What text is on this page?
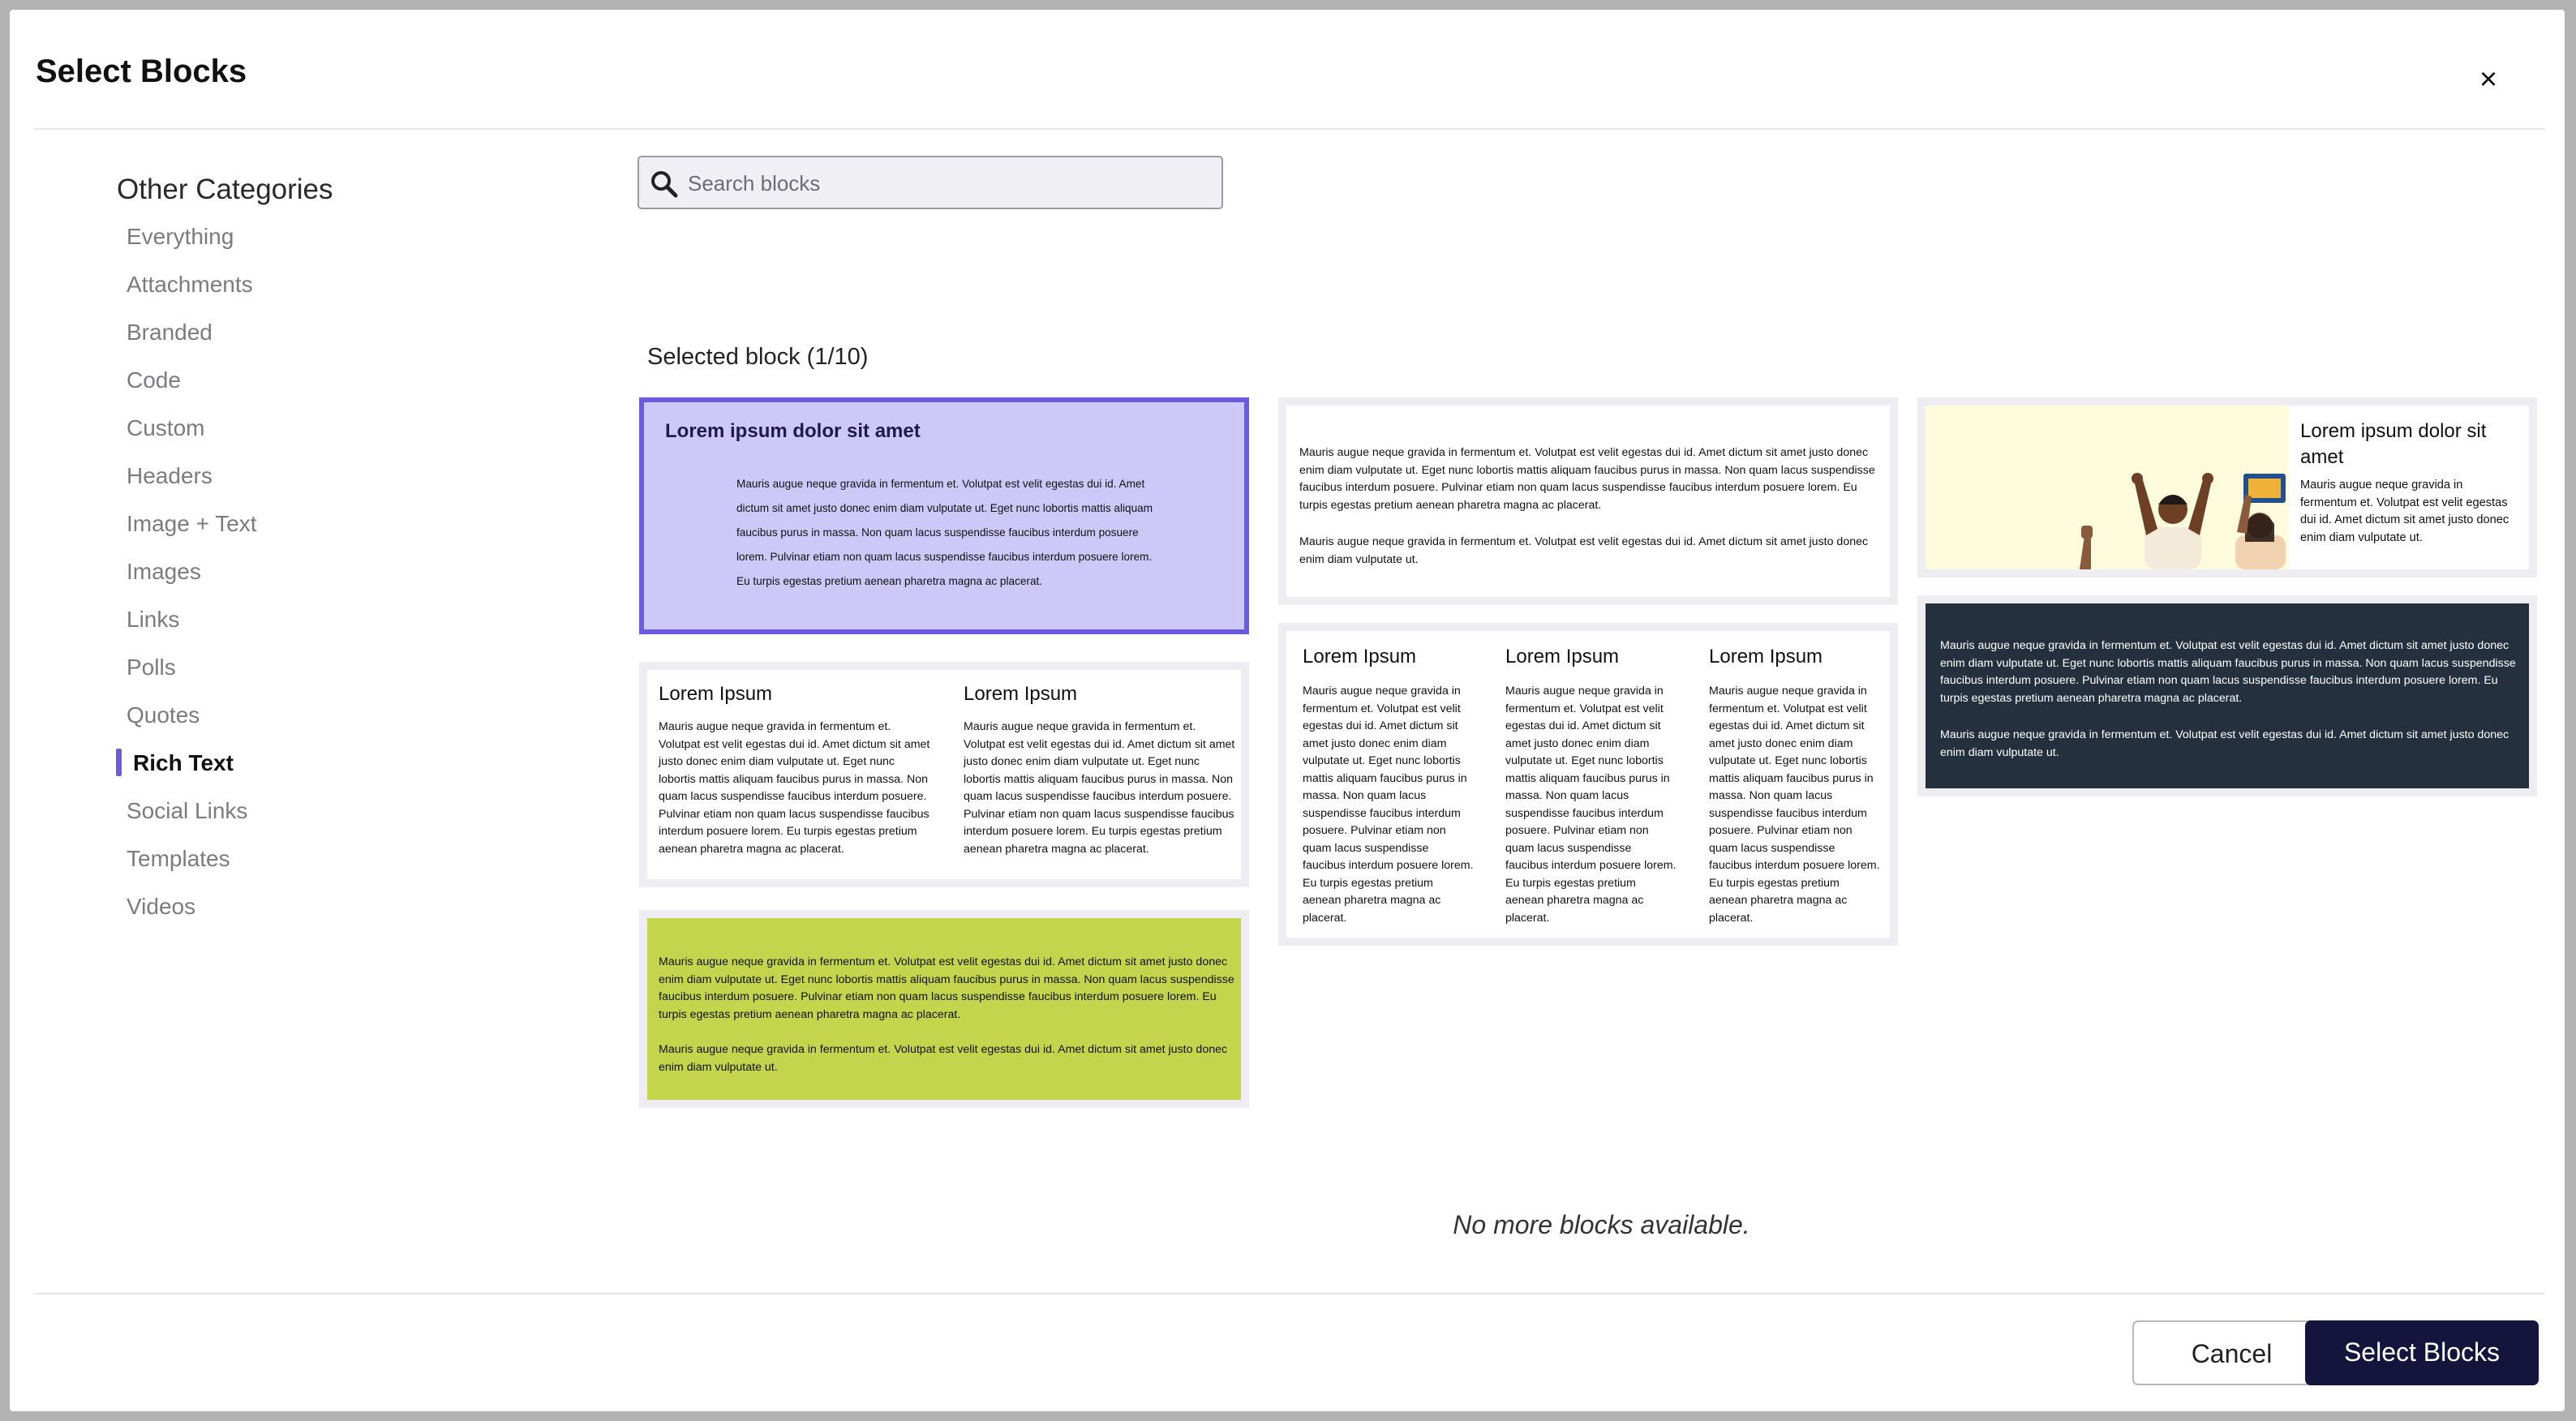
Select Blocks	×
Other Categories
Everything
Attachments
Branded
Code
Custom
Headers
Image + Text
Images
Links
Polls
Quotes
Rich Text
Social Links
Templates
Videos
Search blocks
Selected block (1/10)
Lorem ipsum dolor sit amet
Mauris augue neque gravida in fermentum et. Volutpat est velit egestas dui id. Amet dictum sit amet justo donec enim diam vulputate ut. Eget nunc lobortis mattis aliquam faucibus purus in massa. Non quam lacus suspendisse faucibus interdum posuere lorem. Pulvinar etiam non quam lacus suspendisse faucibus interdum posuere lorem. Eu turpis egestas pretium aenean pharetra magna ac placerat.
Mauris augue neque gravida in fermentum et. Volutpat est velit egestas dui id. Amet dictum sit amet justo donec enim diam vulputate ut. Eget nunc lobortis mattis aliquam faucibus purus in massa. Non quam lacus suspendisse faucibus interdum posuere. Pulvinar etiam non quam lacus suspendisse faucibus interdum posuere lorem. Eu turpis egestas pretium aenean pharetra magna ac placerat.
Mauris augue neque gravida in fermentum et. Volutpat est velit egestas dui id. Amet dictum sit amet justo donec enim diam vulputate ut.
Lorem ipsum dolor sit amet
Mauris augue neque gravida in fermentum et. Volutpat est velit egestas dui id. Amet dictum sit amet justo donec enim diam vulputate ut.
Lorem Ipsum
Mauris augue neque gravida in fermentum et. Volutpat est velit egestas dui id. Amet dictum sit amet justo donec enim diam vulputate ut. Eget nunc lobortis mattis aliquam faucibus purus in massa. Non quam lacus suspendisse faucibus interdum posuere. Pulvinar etiam non quam lacus suspendisse faucibus interdum posuere lorem. Eu turpis egestas pretium aenean pharetra magna ac placerat.
Lorem Ipsum
Mauris augue neque gravida in fermentum et. Volutpat est velit egestas dui id. Amet dictum sit amet justo donec enim diam vulputate ut. Eget nunc lobortis mattis aliquam faucibus purus in massa. Non quam lacus suspendisse faucibus interdum posuere. Pulvinar etiam non quam lacus suspendisse faucibus interdum posuere lorem. Eu turpis egestas pretium aenean pharetra magna ac placerat.
Lorem Ipsum
Mauris augue neque gravida in fermentum et. Volutpat est velit egestas dui id. Amet dictum sit amet justo donec enim diam vulputate ut. Eget nunc lobortis mattis aliquam faucibus purus in massa. Non quam lacus suspendisse faucibus interdum posuere. Pulvinar etiam non quam lacus suspendisse faucibus interdum posuere lorem. Eu turpis egestas pretium aenean pharetra magna ac placerat.
Lorem Ipsum
Mauris augue neque gravida in fermentum et. Volutpat est velit egestas dui id. Amet dictum sit amet justo donec enim diam vulputate ut. Eget nunc lobortis mattis aliquam faucibus purus in massa. Non quam lacus suspendisse faucibus interdum posuere. Pulvinar etiam non quam lacus suspendisse faucibus interdum posuere lorem. Eu turpis egestas pretium aenean pharetra magna ac placerat.
Lorem Ipsum
Mauris augue neque gravida in fermentum et. Volutpat est velit egestas dui id. Amet dictum sit amet justo donec enim diam vulputate ut. Eget nunc lobortis mattis aliquam faucibus purus in massa. Non quam lacus suspendisse faucibus interdum posuere. Pulvinar etiam non quam lacus suspendisse faucibus interdum posuere lorem. Eu turpis egestas pretium aenean pharetra magna ac placerat.
Mauris augue neque gravida in fermentum et. Volutpat est velit egestas dui id. Amet dictum sit amet justo donec enim diam vulputate ut. Eget nunc lobortis mattis aliquam faucibus purus in massa. Non quam lacus suspendisse faucibus interdum posuere. Pulvinar etiam non quam lacus suspendisse faucibus interdum posuere lorem. Eu turpis egestas pretium aenean pharetra magna ac placerat.
Mauris augue neque gravida in fermentum et. Volutpat est velit egestas dui id. Amet dictum sit amet justo donec enim diam vulputate ut.
Mauris augue neque gravida in fermentum et. Volutpat est velit egestas dui id. Amet dictum sit amet justo donec enim diam vulputate ut. Eget nunc lobortis mattis aliquam faucibus purus in massa. Non quam lacus suspendisse faucibus interdum posuere. Pulvinar etiam non quam lacus suspendisse faucibus interdum posuere lorem. Eu turpis egestas pretium aenean pharetra magna ac placerat.
Mauris augue neque gravida in fermentum et. Volutpat est velit egestas dui id. Amet dictum sit amet justo donec enim diam vulputate ut.
No more blocks available.
Cancel	Select Blocks
